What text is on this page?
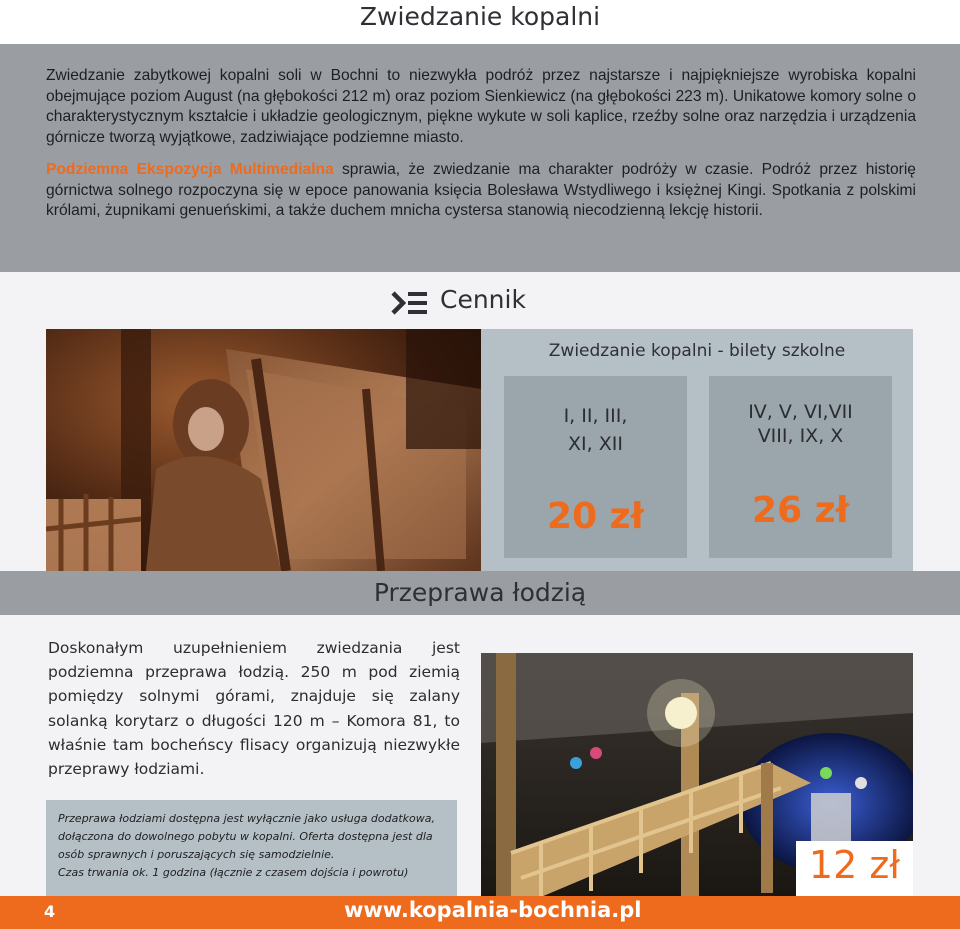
Zwiedzanie kopalni

Zwiedzanie zabytkowej kopalni soli w Bochni to niezwykła podróż przez najstarsze i najpiękniejsze wyrobiska kopalni obejmujące poziom August (na głębokości 212 m) oraz poziom Sienkiewicz (na głębokości 223 m). Unikatowe komory solne o charakterystycznym kształcie i układzie geologicznym, piękne wykute w soli kaplice, rzeźby solne oraz narzędzia i urządzenia górnicze tworzą wyjątkowe, zadziwiające podziemne miasto.

Podziemna Ekspozycja Multimedialna sprawia, że zwiedzanie ma charakter podróży w czasie. Podróż przez historię górnictwa solnego rozpoczyna się w epoce panowania księcia Bolesława Wstydliwego i księżnej Kingi. Spotkania z polskimi królami, żupnikami genueńskimi, a także duchem mnicha cystersa stanowią niecodzienną lekcję historii.

Cennik
Zwiedzanie kopalni - bilety szkolne
I, II, III,
XI, XII
20 zł
IV, V, VI,VII
VIII, IX, X
26 zł
Przeprawa łodzią
Doskonałym uzupełnieniem zwiedzania jest podziemna przeprawa łodzią. 250 m pod ziemią pomiędzy solnymi górami, znajduje się zalany solanką korytarz o długości 120 m – Komora 81, to właśnie tam bocheńscy flisacy organizują niezwykłe przeprawy łodziami.
Przeprawa łodziami dostępna jest wyłącznie jako usługa dodatkowa,
dołączona do dowolnego pobytu w kopalni. Oferta dostępna jest dla
osób sprawnych i poruszających się samodzielnie.
Czas trwania ok. 1 godzina (łącznie z czasem dojścia i powrotu)	12 zł
4	www.kopalnia-bochnia.pl
